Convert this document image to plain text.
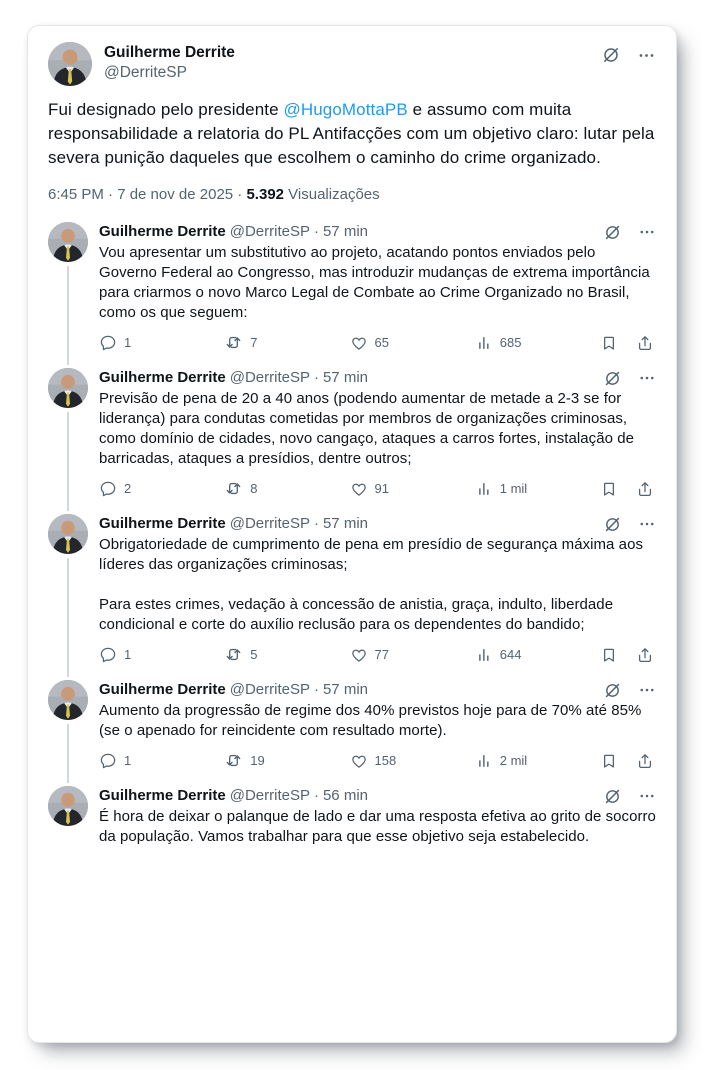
Guilherme Derrite
@DerriteSP
Fui designado pelo presidente @HugoMottaPB e assumo com muita responsabilidade a relatoria do PL Antifacções com um objetivo claro: lutar pela severa punição daqueles que escolhem o caminho do crime organizado.
6:45 PM · 7 de nov de 2025 · 5.392 Visualizações
Guilherme Derrite @DerriteSP · 57 min

Vou apresentar um substitutivo ao projeto, acatando pontos enviados pelo Governo Federal ao Congresso, mas introduzir mudanças de extrema importância para criarmos o novo Marco Legal de Combate ao Crime Organizado no Brasil, como os que seguem:

1	7	65	685
Guilherme Derrite @DerriteSP · 57 min

Previsão de pena de 20 a 40 anos (podendo aumentar de metade a 2-3 se for liderança) para condutas cometidas por membros de organizações criminosas, como domínio de cidades, novo cangaço, ataques a carros fortes, instalação de barricadas, ataques a presídios, dentre outros;

2	8	91	1 mil
Guilherme Derrite @DerriteSP · 57 min

Obrigatoriedade de cumprimento de pena em presídio de segurança máxima aos líderes das organizações criminosas;

Para estes crimes, vedação à concessão de anistia, graça, indulto, liberdade condicional e corte do auxílio reclusão para os dependentes do bandido;

1	5	77	644
Guilherme Derrite @DerriteSP · 57 min

Aumento da progressão de regime dos 40% previstos hoje para de 70% até 85% (se o apenado for reincidente com resultado morte).

1	19	158	2 mil
Guilherme Derrite @DerriteSP · 56 min

É hora de deixar o palanque de lado e dar uma resposta efetiva ao grito de socorro da população. Vamos trabalhar para que esse objetivo seja estabelecido.
